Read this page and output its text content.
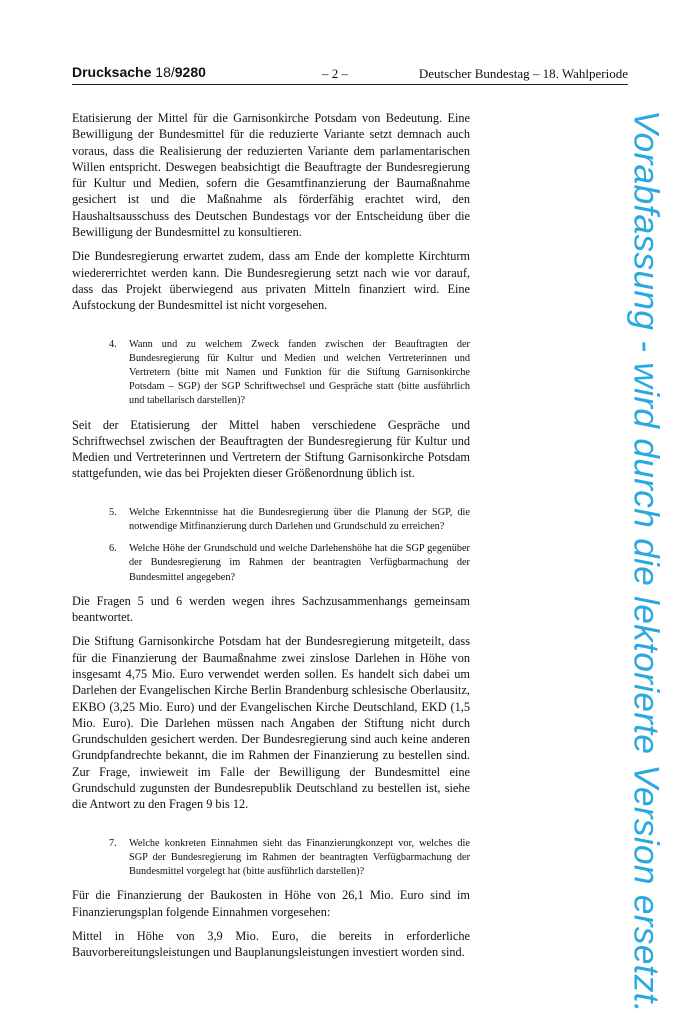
Drucksache 18/9280	– 2 –	Deutscher Bundestag – 18. Wahlperiode

Etatisierung der Mittel für die Garnisonkirche Potsdam von Bedeutung. Eine Bewilligung der Bundesmittel für die reduzierte Variante setzt demnach auch voraus, dass die Realisierung der reduzierten Variante dem parlamentarischen Willen entspricht. Deswegen beabsichtigt die Beauftragte der Bundesregierung für Kultur und Medien, sofern die Gesamtfinanzierung der Baumaßnahme gesichert ist und die Maßnahme als förderfähig erachtet wird, den Haushaltsausschuss des Deutschen Bundestags vor der Entscheidung über die Bewilligung der Bundesmittel zu konsultieren.

Die Bundesregierung erwartet zudem, dass am Ende der komplette Kirchturm wiedererrichtet werden kann. Die Bundesregierung setzt nach wie vor darauf, dass das Projekt überwiegend aus privaten Mitteln finanziert wird. Eine Aufstockung der Bundesmittel ist nicht vorgesehen.

4.	Wann und zu welchem Zweck fanden zwischen der Beauftragten der Bundesregierung für Kultur und Medien und welchen Vertreterinnen und Vertretern (bitte mit Namen und Funktion für die Stiftung Garnisonkirche Potsdam – SGP) der SGP Schriftwechsel und Gespräche statt (bitte ausführlich und tabellarisch darstellen)?

Seit der Etatisierung der Mittel haben verschiedene Gespräche und Schriftwechsel zwischen der Beauftragten der Bundesregierung für Kultur und Medien und Vertreterinnen und Vertretern der Stiftung Garnisonkirche Potsdam stattgefunden, wie das bei Projekten dieser Größenordnung üblich ist.

5.	Welche Erkenntnisse hat die Bundesregierung über die Planung der SGP, die notwendige Mitfinanzierung durch Darlehen und Grundschuld zu erreichen?
6.	Welche Höhe der Grundschuld und welche Darlehenshöhe hat die SGP gegenüber der Bundesregierung im Rahmen der beantragten Verfügbarmachung der Bundesmittel angegeben?

Die Fragen 5 und 6 werden wegen ihres Sachzusammenhangs gemeinsam beantwortet.

Die Stiftung Garnisonkirche Potsdam hat der Bundesregierung mitgeteilt, dass für die Finanzierung der Baumaßnahme zwei zinslose Darlehen in Höhe von insgesamt 4,75 Mio. Euro verwendet werden sollen. Es handelt sich dabei um Darlehen der Evangelischen Kirche Berlin Brandenburg schlesische Oberlausitz, EKBO (3,25 Mio. Euro) und der Evangelischen Kirche Deutschland, EKD (1,5 Mio. Euro). Die Darlehen müssen nach Angaben der Stiftung nicht durch Grundschulden gesichert werden. Der Bundesregierung sind auch keine anderen Grundpfandrechte bekannt, die im Rahmen der Finanzierung zu bestellen sind. Zur Frage, inwieweit im Falle der Bewilligung der Bundesmittel eine Grundschuld zugunsten der Bundesrepublik Deutschland zu bestellen ist, siehe die Antwort zu den Fragen 9 bis 12.

7.	Welche konkreten Einnahmen sieht das Finanzierungkonzept vor, welches die SGP der Bundesregierung im Rahmen der beantragten Verfügbarmachung der Bundesmittel vorgelegt hat (bitte ausführlich darstellen)?

Für die Finanzierung der Baukosten in Höhe von 26,1 Mio. Euro sind im Finanzierungsplan folgende Einnahmen vorgesehen:

Mittel in Höhe von 3,9 Mio. Euro, die bereits in erforderliche Bauvorbereitungsleistungen und Bauplanungsleistungen investiert worden sind.	Vorabfassung - wird durch die lektorierte Version ersetzt.
